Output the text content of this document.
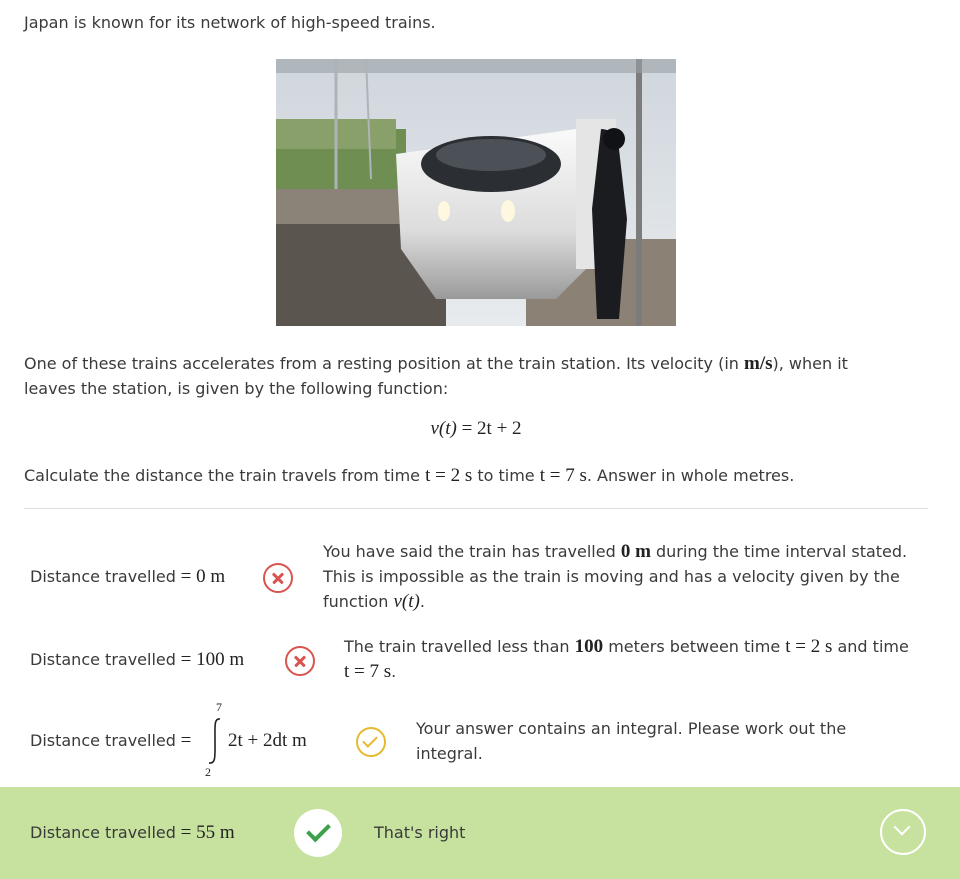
Japan is known for its network of high-speed trains.
One of these trains accelerates from a resting position at the train station. Its velocity (in m/s), when it leaves the station, is given by the following function:
v(t) = 2t + 2
Calculate the distance the train travels from time t = 2 s to time t = 7 s. Answer in whole metres.
Distance travelled = 0 m
You have said the train has travelled 0 m during the time interval stated. This is impossible as the train is moving and has a velocity given by the function v(t).
Distance travelled = 100 m
The train travelled less than 100 meters between time t = 2 s and time t = 7 s.
Distance travelled =
7
2
2t + 2dt m
Your answer contains an integral. Please work out the integral.
Distance travelled = 55 m	That's right
